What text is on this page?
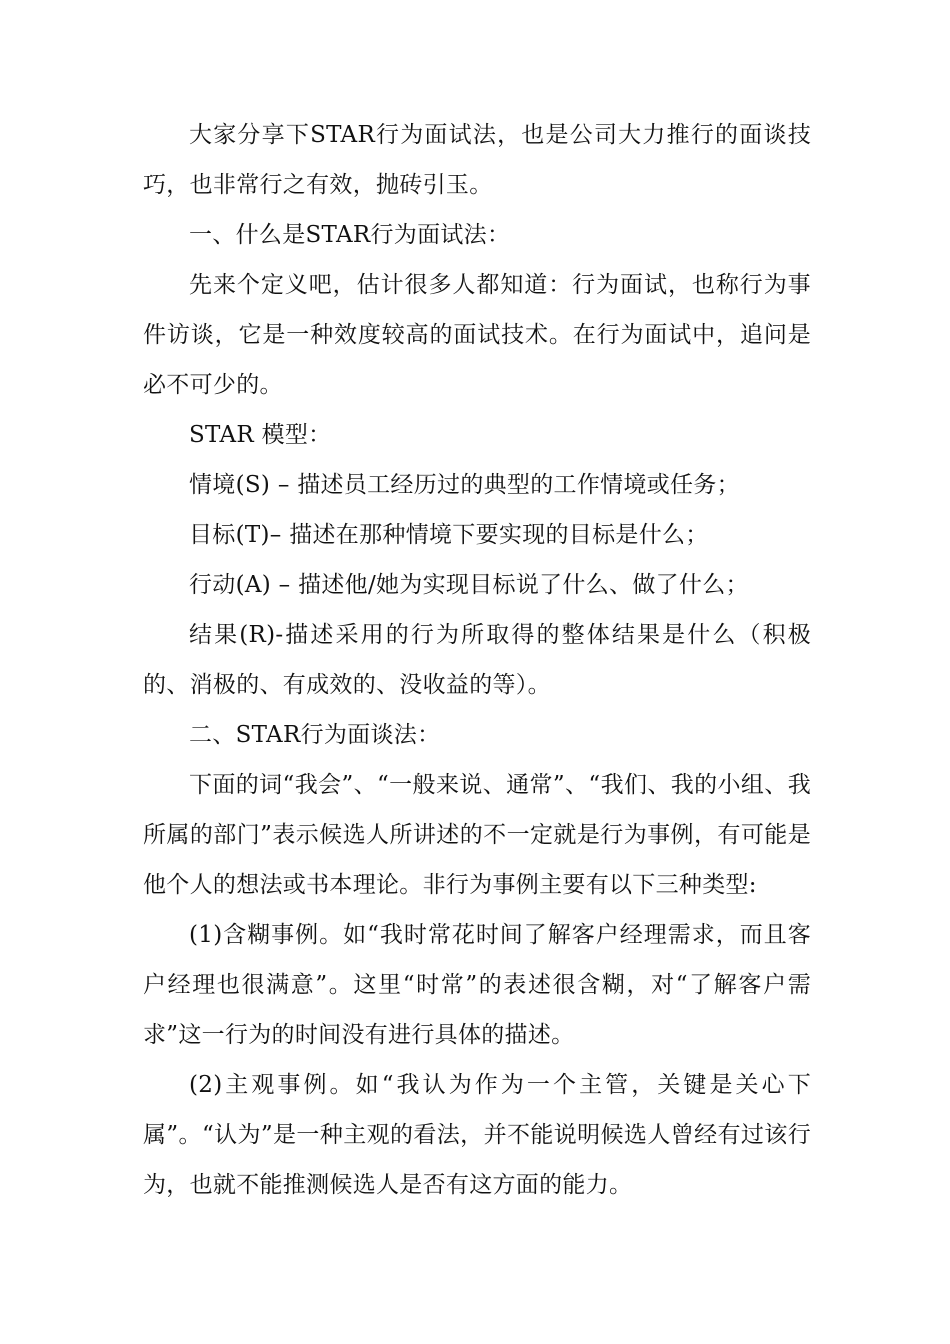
大家分享下STAR行为面试法，也是公司大力推行的面谈技巧，也非常行之有效，抛砖引玉。

一、什么是STAR行为面试法：

先来个定义吧，估计很多人都知道：行为面试，也称行为事件访谈，它是一种效度较高的面试技术。在行为面试中，追问是必不可少的。

STAR 模型：

情境(S) – 描述员工经历过的典型的工作情境或任务；

目标(T)– 描述在那种情境下要实现的目标是什么；

行动(A) – 描述他/她为实现目标说了什么、做了什么；

结果(R)-描述采用的行为所取得的整体结果是什么（积极的、消极的、有成效的、没收益的等）。

二、STAR行为面谈法：

下面的词“我会”、“一般来说、通常”、“我们、我的小组、我所属的部门”表示候选人所讲述的不一定就是行为事例，有可能是他个人的想法或书本理论。非行为事例主要有以下三种类型:

(1)含糊事例。如“我时常花时间了解客户经理需求，而且客户经理也很满意”。这里“时常”的表述很含糊，对“了解客户需求”这一行为的时间没有进行具体的描述。

(2)主观事例。如“我认为作为一个主管，关键是关心下属”。“认为”是一种主观的看法，并不能说明候选人曾经有过该行为，也就不能推测候选人是否有这方面的能力。
